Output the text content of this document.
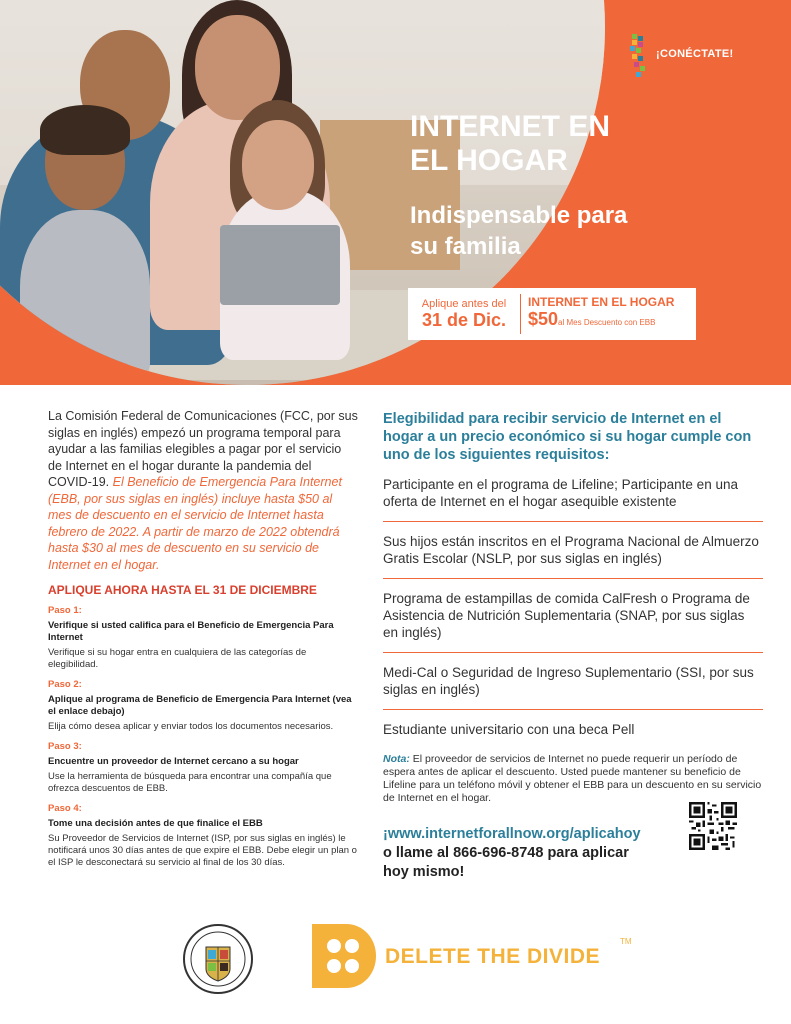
¡CONÉCTATE!
INTERNET EN
EL HOGAR
Indispensable para
su familia
Aplique antes del
31 de Dic.
INTERNET EN EL HOGAR
$50al Mes Descuento con EBB

La Comisión Federal de Comunicaciones (FCC, por sus siglas en inglés) empezó un programa temporal para ayudar a las familias elegibles a pagar por el servicio de Internet en el hogar durante la pandemia del COVID-19. El Beneficio de Emergencia Para Internet (EBB, por sus siglas en inglés) incluye hasta $50 al mes de descuento en el servicio de Internet hasta febrero de 2022. A partir de marzo de 2022 obtendrá hasta $30 al mes de descuento en su servicio de Internet en el hogar.

APLIQUE AHORA HASTA EL 31 DE DICIEMBRE
Paso 1:
Verifique si usted califica para el Beneficio de Emergencia Para Internet
Verifique si su hogar entra en cualquiera de las categorías de elegibilidad.
Paso 2:
Aplique al programa de Beneficio de Emergencia Para Internet (vea el enlace debajo)
Elija cómo desea aplicar y enviar todos los documentos necesarios.
Paso 3:
Encuentre un proveedor de Internet cercano a su hogar
Use la herramienta de búsqueda para encontrar una compañía que ofrezca descuentos de EBB.
Paso 4:
Tome una decisión antes de que finalice el EBB
Su Proveedor de Servicios de Internet (ISP, por sus siglas en inglés) le notificará unos 30 días antes de que expire el EBB. Debe elegir un plan o el ISP le desconectará su servicio al final de los 30 días.
Elegibilidad para recibir servicio de Internet en el hogar a un precio económico si su hogar cumple con uno de los siguientes requisitos:
Participante en el programa de Lifeline; Participante en una oferta de Internet en el hogar asequible existente
Sus hijos están inscritos en el Programa Nacional de Almuerzo Gratis Escolar (NSLP, por sus siglas en inglés)
Programa de estampillas de comida CalFresh o Programa de Asistencia de Nutrición Suplementaria (SNAP, por sus siglas en inglés)
Medi-Cal o Seguridad de Ingreso Suplementario (SSI, por sus siglas en inglés)
Estudiante universitario con una beca Pell

Nota: El proveedor de servicios de Internet no puede requerir un período de espera antes de aplicar el descuento. Usted puede mantener su beneficio de Lifeline para un teléfono móvil y obtener el EBB para un descuento en su servicio de Internet en el hogar.

¡www.internetforallnow.org/aplicahoy
o llame al 866-696-8748 para aplicar
hoy mismo!
DELETE THE DIVIDE
TM
